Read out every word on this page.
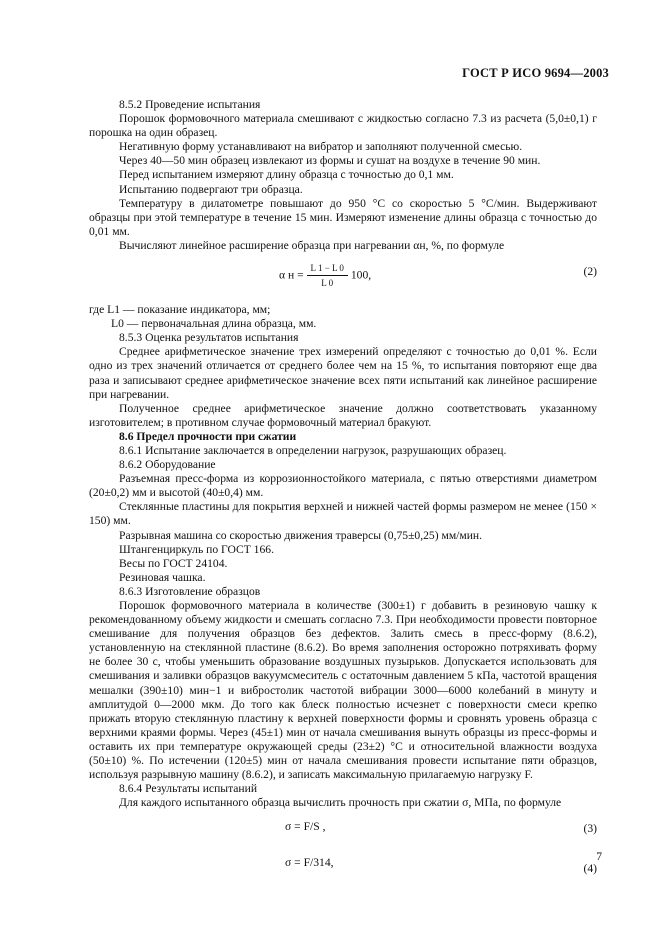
ГОСТ Р ИСО 9694—2003

8.5.2 Проведение испытания

Порошок формовочного материала смешивают с жидкостью согласно 7.3 из расчета (5,0±0,1) г порошка на один образец.

Негативную форму устанавливают на вибратор и заполняют полученной смесью.

Через 40—50 мин образец извлекают из формы и сушат на воздухе в течение 90 мин.

Перед испытанием измеряют длину образца с точностью до 0,1 мм.

Испытанию подвергают три образца.

Температуру в дилатометре повышают до 950 °С со скоростью 5 °С/мин. Выдерживают образцы при этой температуре в течение 15 мин. Измеряют изменение длины образца с точностью до 0,01 мм.

Вычисляют линейное расширение образца при нагревании αн, %, по формуле

α $н = \frac{L 1 - L 0}{L 0} 100$,	(2)

где L1 — показание индикатора, мм;

L0 — первоначальная длина образца, мм.

8.5.3 Оценка результатов испытания

Среднее арифметическое значение трех измерений определяют с точностью до 0,01 %. Если одно из трех значений отличается от среднего более чем на 15 %, то испытания повторяют еще два раза и записывают среднее арифметическое значение всех пяти испытаний как линейное расширение при нагревании.

Полученное среднее арифметическое значение должно соответствовать указанному изготовителем; в противном случае формовочный материал бракуют.

8.6 Предел прочности при сжатии

8.6.1 Испытание заключается в определении нагрузок, разрушающих образец.

8.6.2 Оборудование

Разъемная пресс-форма из коррозионностойкого материала, с пятью отверстиями диаметром (20±0,2) мм и высотой (40±0,4) мм.

Стеклянные пластины для покрытия верхней и нижней частей формы размером не менее (150 × 150) мм.

Разрывная машина со скоростью движения траверсы (0,75±0,25) мм/мин.

Штангенциркуль по ГОСТ 166.

Весы по ГОСТ 24104.

Резиновая чашка.

8.6.3 Изготовление образцов

Порошок формовочного материала в количестве (300±1) г добавить в резиновую чашку к рекомендованному объему жидкости и смешать согласно 7.3. При необходимости провести повторное смешивание для получения образцов без дефектов. Залить смесь в пресс-форму (8.6.2), установленную на стеклянной пластине (8.6.2). Во время заполнения осторожно потряхивать форму не более 30 с, чтобы уменьшить образование воздушных пузырьков. Допускается использовать для смешивания и заливки образцов вакуумсмеситель с остаточным давлением 5 кПа, частотой вращения мешалки (390±10) мин−1 и вибростолик частотой вибрации 3000—6000 колебаний в минуту и амплитудой 0—2000 мкм. До того как блеск полностью исчезнет с поверхности смеси крепко прижать вторую стеклянную пластину к верхней поверхности формы и сровнять уровень образца с верхними краями формы. Через (45±1) мин от начала смешивания вынуть образцы из пресс-формы и оставить их при температуре окружающей среды (23±2) °С и относительной влажности воздуха (50±10) %. По истечении (120±5) мин от начала смешивания провести испытание пяти образцов, используя разрывную машину (8.6.2), и записать максимальную прилагаемую нагрузку F.

8.6.4 Результаты испытаний

Для каждого испытанного образца вычислить прочность при сжатии σ, МПа, по формуле

σ = F/S ,	(3)
σ = F/314,	(4)
7
